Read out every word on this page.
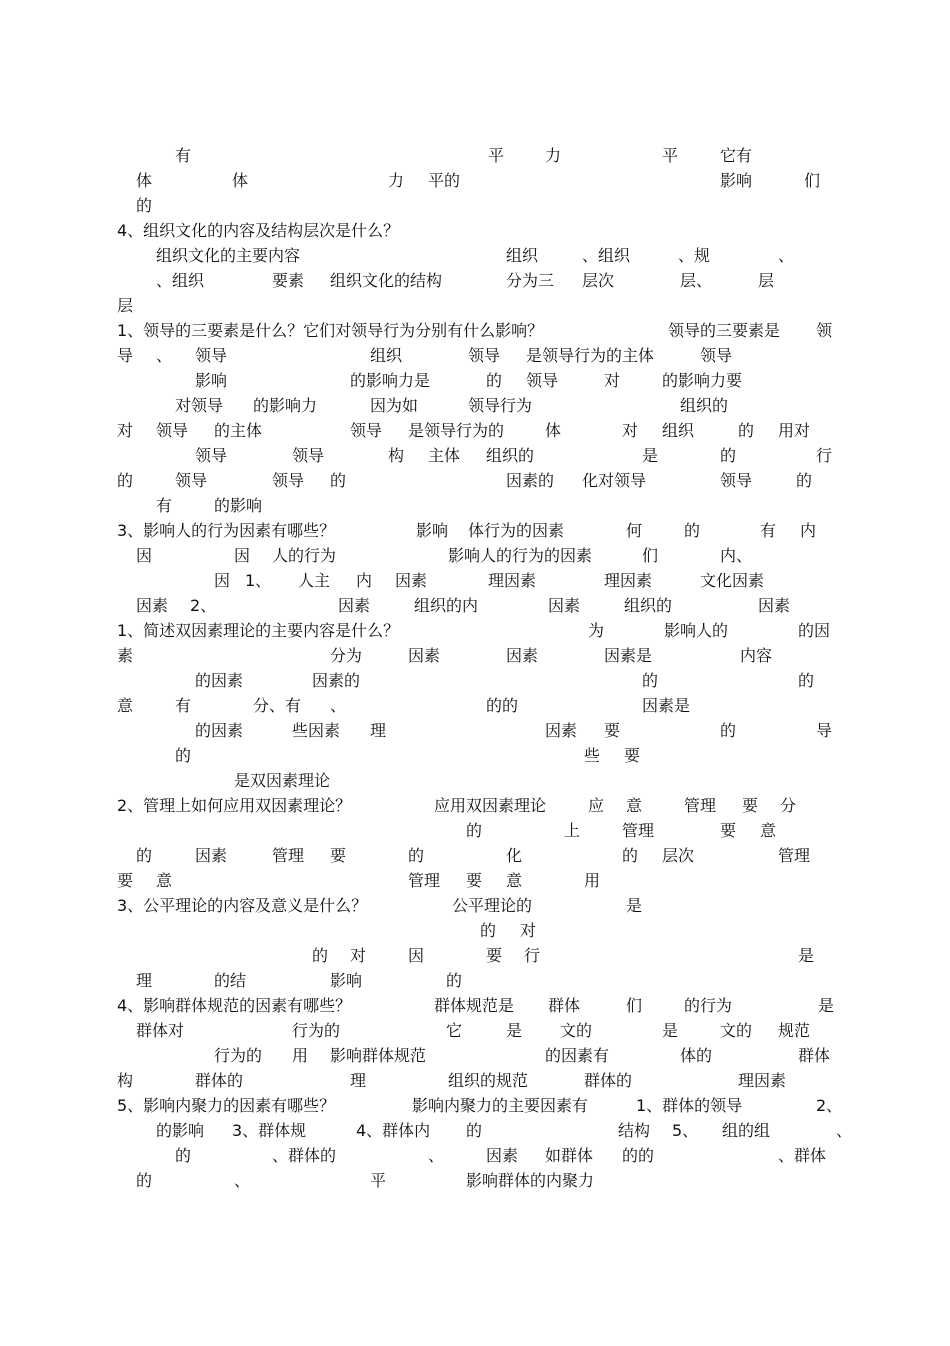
有	平	力	平	它有
体	体	力 平的	影响	们
的
4、组织文化的内容及结构层次是什么？
组织文化的主要内容	组织	、组织	、规	、
、组织	要素 组织文化的结构	分为三 层次	层、	层
层
1、领导的三要素是什么？它们对领导行为分别有什么影响？	领导的三要素是 领
导 、 领导	组织	领导 是领导行为的主体	领导
影响	的影响力是	的 领导	对	的影响力要
对领导 的影响力	因为如	领导行为	组织的
对 领导 的主体	领导 是领导行为的	体	对 组织	的 用对
领导	领导	构 主体 组织的	是	的	行
的	领导	领导 的	因素的 化对领导	领导	的
有	的影响
3、影响人的行为因素有哪些？	影响 体行为的因素	何	的	有 内
因	因 人的行为	影响人的行为的因素	们	内、
因 1、 人主 内 因素	理因素	理因素	文化因素
因素 2、	因素	组织的内	因素	组织的	因素
1、简述双因素理论的主要内容是什么？	为	影响人的	的因
素	分为	因素	因素	因素是	内容
的因素	因素的	的	的
意	有	分、有 、	的的	因素是
的因素	些因素 理	因素 要	的	导
的	些 要
是双因素理论
2、管理上如何应用双因素理论？	应用双因素理论	应 意	管理 要 分
的	上	管理	要 意
的	因素	管理 要	的	化	的 层次	管理
要 意	管理 要 意	用
3、公平理论的内容及意义是什么？	公平理论的	是
的 对
的 对	因	要 行	是
理	的结	影响	的
4、影响群体规范的因素有哪些？	群体规范是 群体	们	的行为	是
群体对	行为的	它	是 文的	是	文的 规范
行为的 用 影响群体规范	的因素有	体的	群体
构	群体的	理	组织的规范	群体的	理因素
5、影响内聚力的因素有哪些？	影响内聚力的主要因素有	1、群体的领导	2、
的影响 3、群体规	4、群体内 的	结构 5、 组的组	、
的	、群体的	、	因素 如群体 的的	、群体
的	、	平	影响群体的内聚力
